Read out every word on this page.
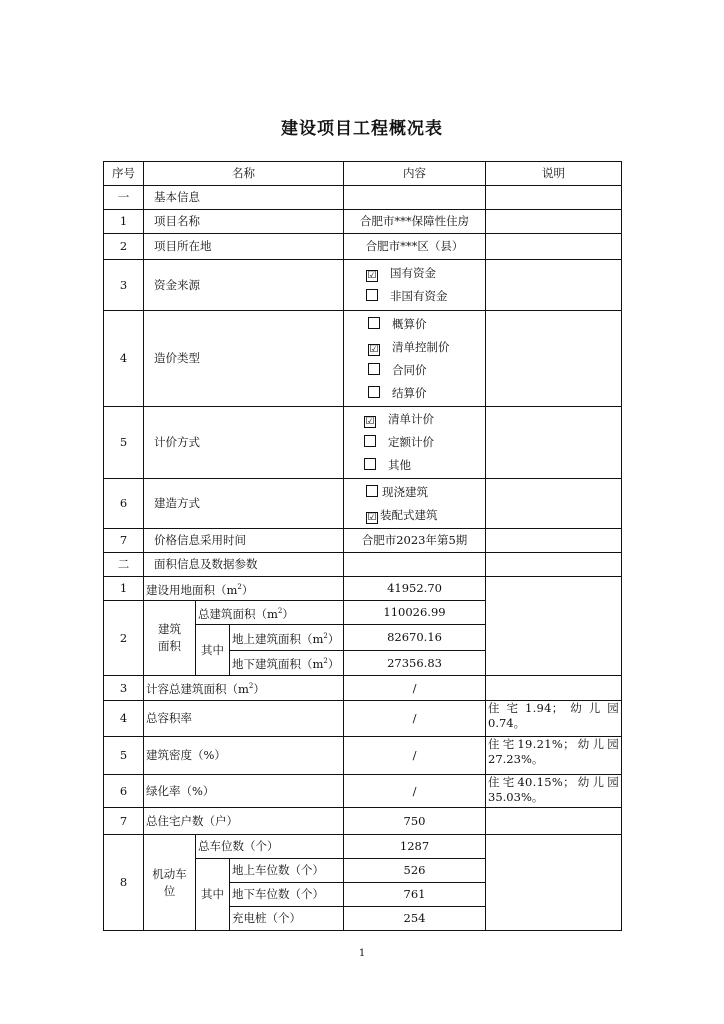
建设项目工程概况表
序号	名称			内容	说明
一	基本信息				
1	项目名称			合肥市***保障性住房	
2	项目所在地			合肥市***区（县）	
3	资金来源			☑ 国有资金
非国有资金	

4	造价类型			概算价
☑ 清单控制价
合同价
结算价	

5	计价方式			☑ 清单计价
定额计价
其他	

6	建造方式			现浇建筑
☑ 装配式建筑	

7	价格信息采用时间			合肥市2023年第5期	
二	面积信息及数据参数				
1	建设用地面积$(m^2)$			41952.70	
2	建筑面积	总建筑面积$(m^2)$		110026.99	
		其中	地上建筑面积$(m^2)$	82670.16	
			地下建筑面积$(m^2)$	27356.83	
3	计容总建筑面积$(m^2)$			/	
4	总容积率			/	住宅1.94；幼儿园
0.74。

5	建筑密度（%）			/	住宅19.21%；幼儿园
27.23%。

6	绿化率（%）			/	住宅40.15%；幼儿园
35.03%。

7	总住宅户数（户）			750	
8	机动车位	总车位数（个）		1287	
		其中	地上车位数（个）	526	
			地下车位数（个）	761	
			充电桩（个）	254	
1
